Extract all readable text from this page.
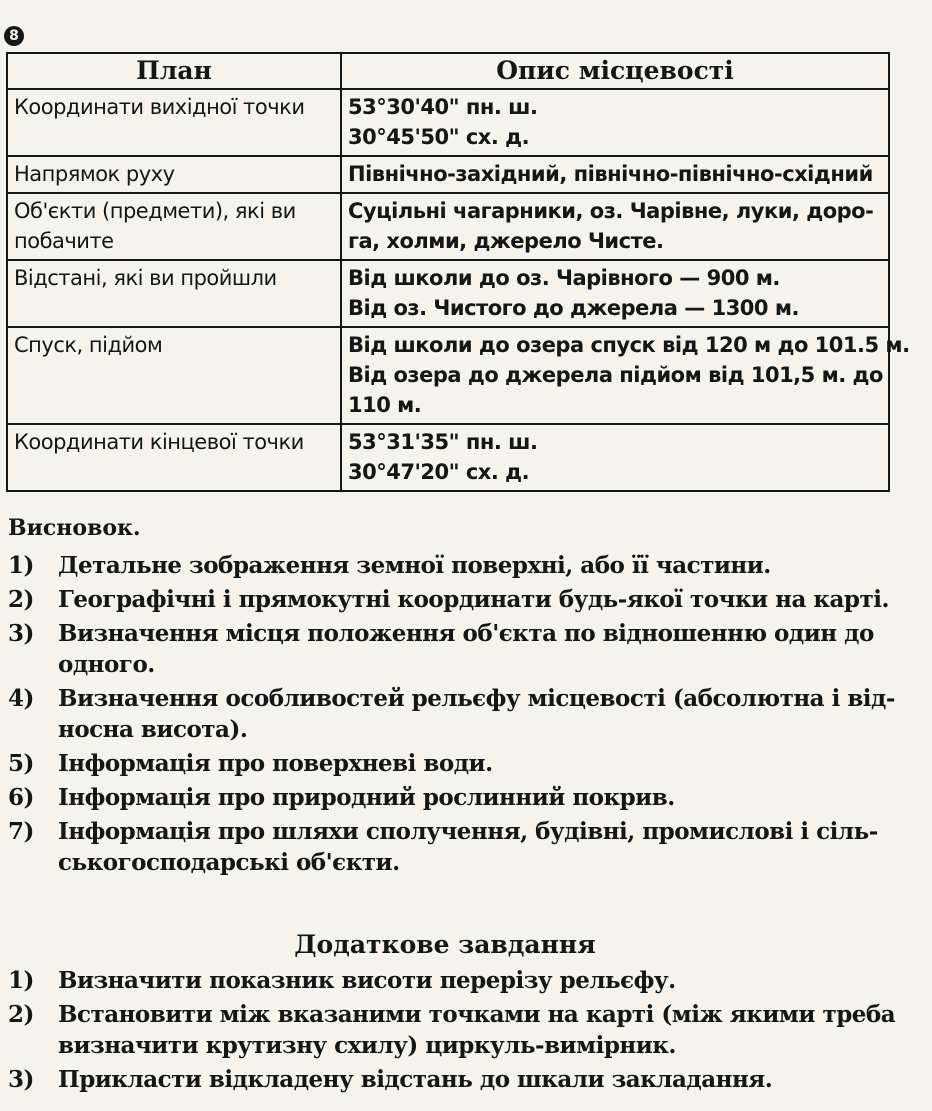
8
План	Опис місцевості

Координати вихідної точки	53°30'40" пн. ш.
30°45'50" сх. д.

Напрямок руху	Північно-західний, північно-північно-східний

Об'єкти (предмети), які ви
побачите	Суцільні чагарники, оз. Чарівне, луки, доро-
га, холми, джерело Чисте.

Відстані, які ви пройшли	Від школи до оз. Чарівного — 900 м.
Від оз. Чистого до джерела — 1300 м.

Спуск, підйом	Від школи до озера спуск від 120 м до 101.5 м.
Від озера до джерела підйом від 101,5 м. до
110 м.

Координати кінцевої точки	53°31'35" пн. ш.
30°47'20" сх. д.
Висновок.
1) Детальне зображення земної поверхні, або її частини.
2) Географічні і прямокутні координати будь-якої точки на карті.
3) Визначення місця положення об'єкта по відношенню один до
одного.
4) Визначення особливостей рельєфу місцевості (абсолютна і від-
носна висота).
5) Інформація про поверхневі води.
6) Інформація про природний рослинний покрив.
7) Інформація про шляхи сполучення, будівні, промислові і сіль-
ськогосподарські об'єкти.
Додаткове завдання
1) Визначити показник висоти перерізу рельєфу.
2) Встановити між вказаними точками на карті (між якими треба
визначити крутизну схилу) циркуль-вимірник.
3) Прикласти відкладену відстань до шкали закладання.
